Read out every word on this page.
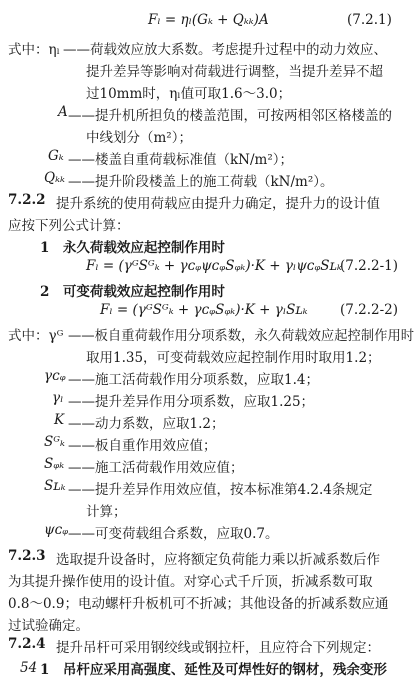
Fₗ = ηₗ(Gₖ + Qₖₖ)A	(7.2.1)
式中：ηₗ ——荷载效应放大系数。考虑提升过程中的动力效应、
提升差异等影响对荷载进行调整，当提升差异不超
过10mm时，ηₗ值可取1.6～3.0；
A ——提升机所担负的楼盖范围，可按两相邻区格楼盖的
中线划分（m²）；
Gₖ ——楼盖自重荷载标准值（kN/m²）；
Qₖₖ ——提升阶段楼盖上的施工荷载（kN/m²）。
7.2.2 提升系统的使用荷载应由提升力确定，提升力的设计值
应按下列公式计算：
1　永久荷载效应起控制作用时
Fₗ = (γᴳSᴳₖ + γᴄᵩψᴄᵩSᵩₖ)·K + γₗψᴄᵩSʟₖ
(7.2.2-1)
2　可变荷载效应起控制作用时
Fₗ = (γᴳSᴳₖ + γᴄᵩSᵩₖ)·K + γₗSʟₖ (7.2.2-2)
式中：γᴳ ——板自重荷载作用分项系数，永久荷载效应起控制作用时
取用1.35，可变荷载效应起控制作用时取用1.2；
γᴄᵩ ——施工活荷载作用分项系数，应取1.4；
γₗ ——提升差异作用分项系数，应取1.25；
K ——动力系数，应取1.2；
Sᴳₖ ——板自重作用效应值；
Sᵩₖ ——施工活荷载作用效应值；
Sʟₖ ——提升差异作用效应值，按本标准第4.2.4条规定
计算；
ψᴄᵩ ——可变荷载组合系数，应取0.7。
7.2.3 选取提升设备时，应将额定负荷能力乘以折减系数后作
为其提升操作使用的设计值。对穿心式千斤顶，折减系数可取
0.8～0.9；电动螺杆升板机可不折减；其他设备的折减系数应通
过试验确定。
7.2.4 提升吊杆可采用钢绞线或钢拉杆，且应符合下列规定：
1　吊杆应采用高强度、延性及可焊性好的钢材，残余变形
54
